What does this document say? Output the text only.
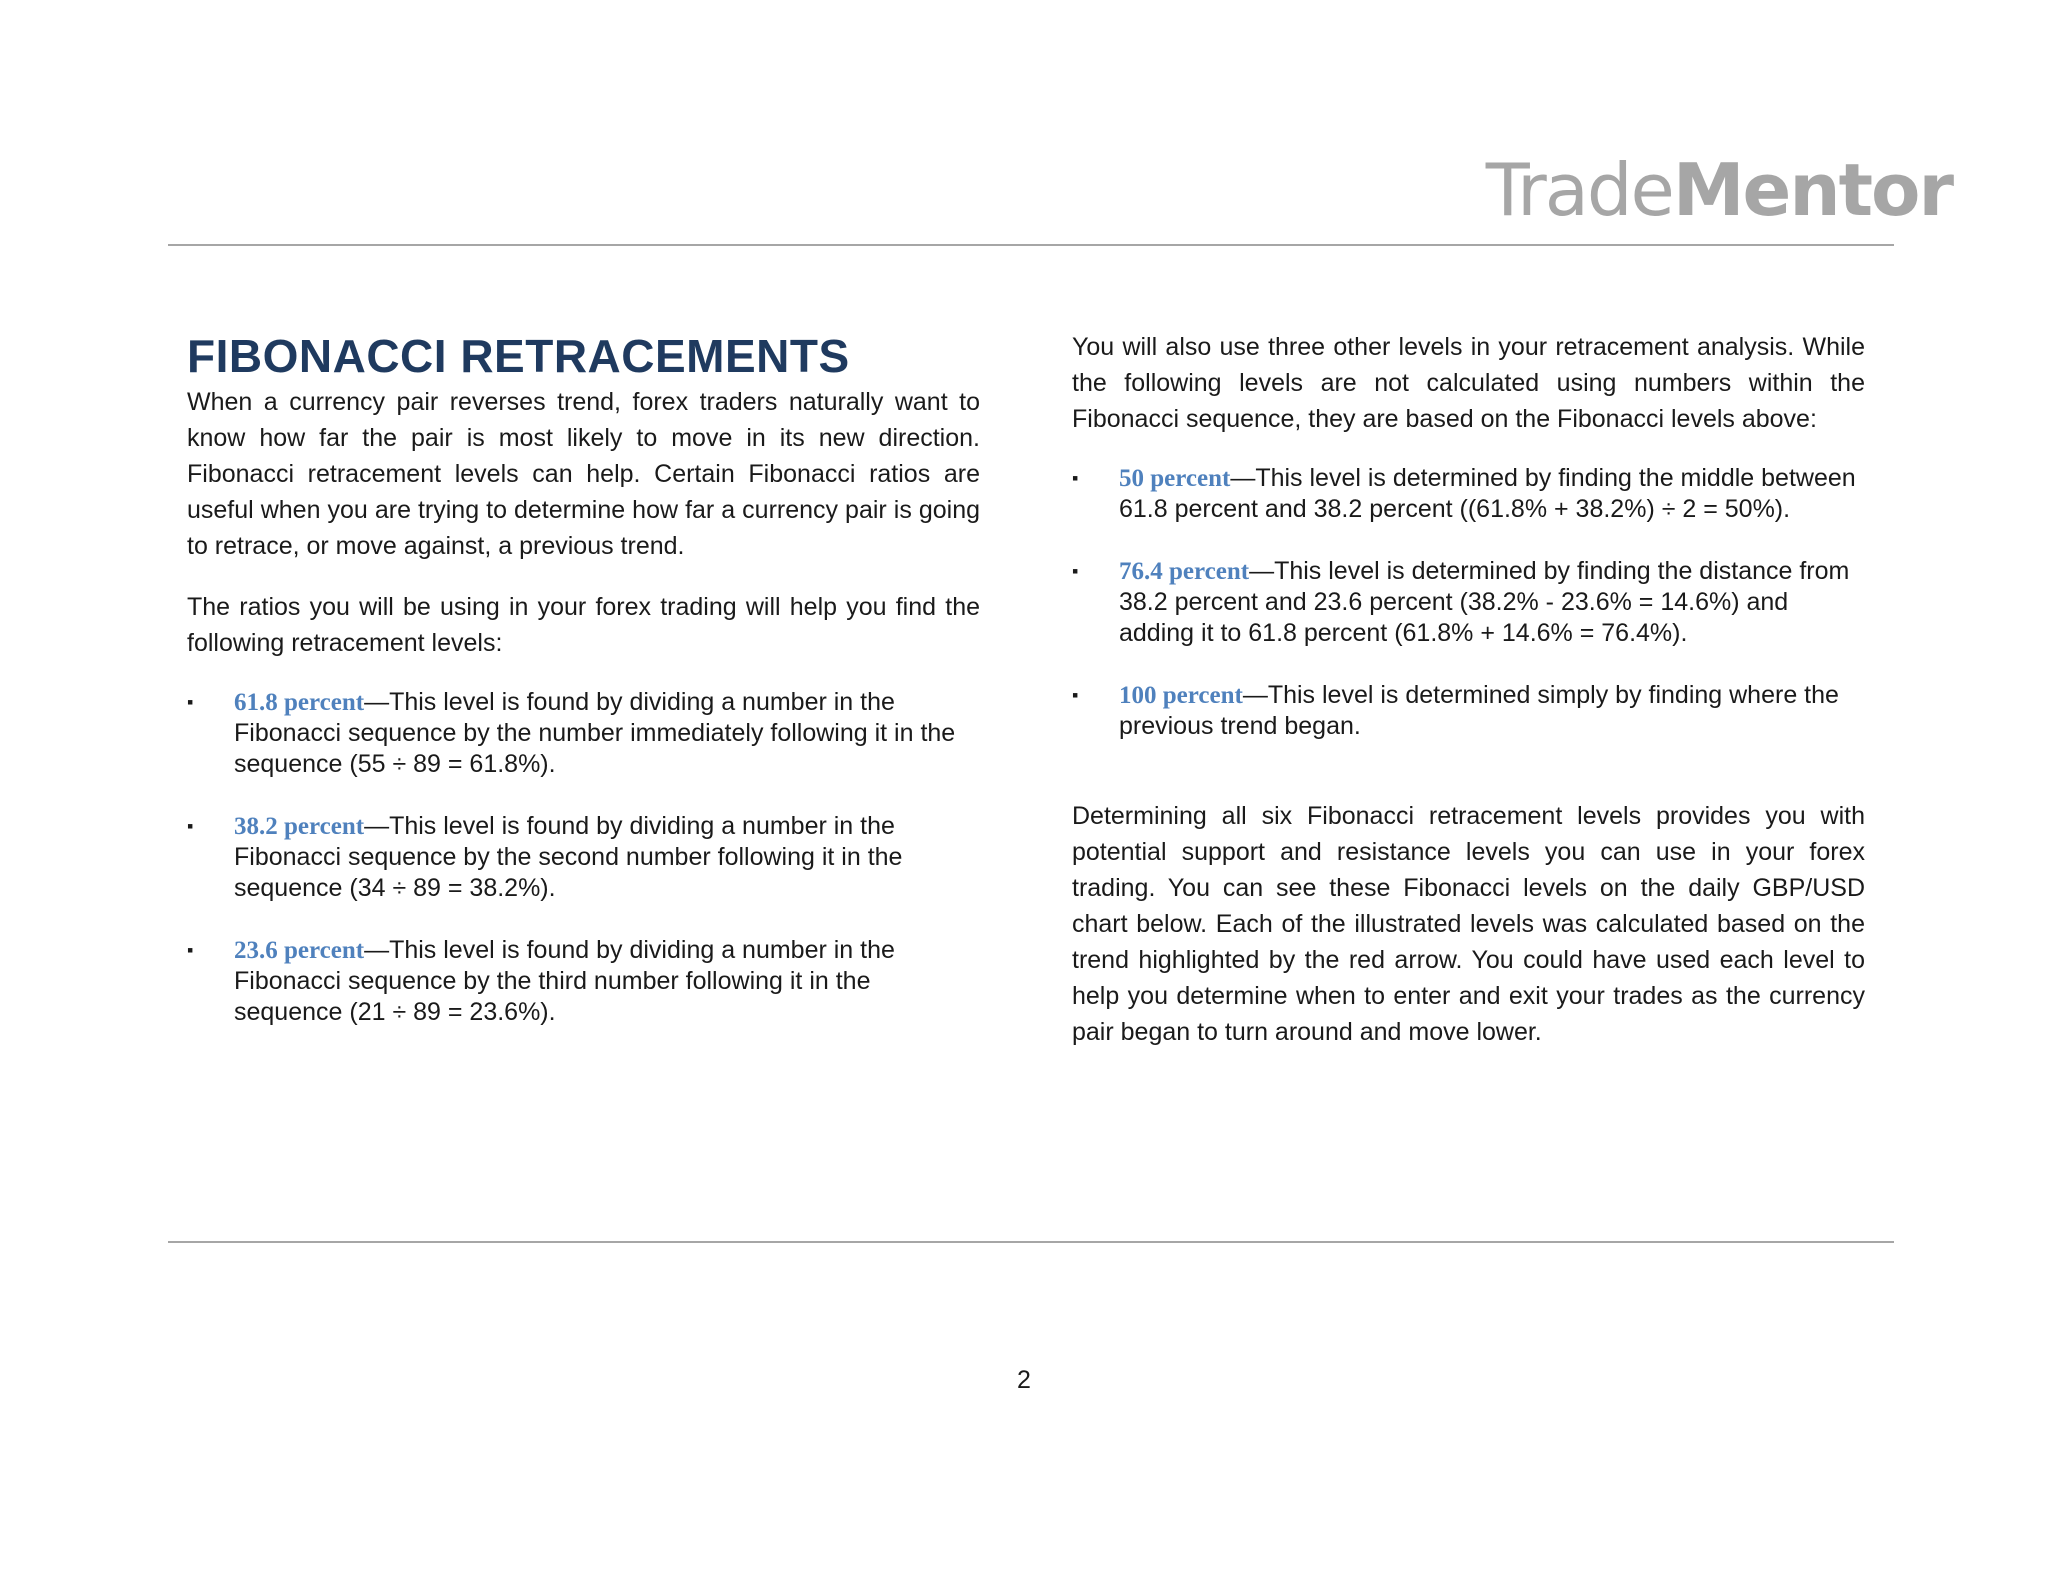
TradeMentor
FIBONACCI RETRACEMENTS

When a currency pair reverses trend, forex traders naturally want to know how far the pair is most likely to move in its new direction. Fibonacci retracement levels can help. Certain Fibonacci ratios are useful when you are trying to determine how far a currency pair is going to retrace, or move against, a previous trend.

The ratios you will be using in your forex trading will help you find the following retracement levels:

▪ 61.8 percent—This level is found by dividing a number in the Fibonacci sequence by the number immediately following it in the sequence (55 ÷ 89 = 61.8%).
▪ 38.2 percent—This level is found by dividing a number in the Fibonacci sequence by the second number following it in the sequence (34 ÷ 89 = 38.2%).
▪ 23.6 percent—This level is found by dividing a number in the Fibonacci sequence by the third number following it in the sequence (21 ÷ 89 = 23.6%).

You will also use three other levels in your retracement analysis. While the following levels are not calculated using numbers within the Fibonacci sequence, they are based on the Fibonacci levels above:

▪ 50 percent—This level is determined by finding the middle between 61.8 percent and 38.2 percent ((61.8% + 38.2%) ÷ 2 = 50%).
▪ 76.4 percent—This level is determined by finding the distance from 38.2 percent and 23.6 percent (38.2% - 23.6% = 14.6%) and adding it to 61.8 percent (61.8% + 14.6% = 76.4%).
▪ 100 percent—This level is determined simply by finding where the previous trend began.

Determining all six Fibonacci retracement levels provides you with potential support and resistance levels you can use in your forex trading. You can see these Fibonacci levels on the daily GBP/USD chart below. Each of the illustrated levels was calculated based on the trend highlighted by the red arrow. You could have used each level to help you determine when to enter and exit your trades as the currency pair began to turn around and move lower.

2
